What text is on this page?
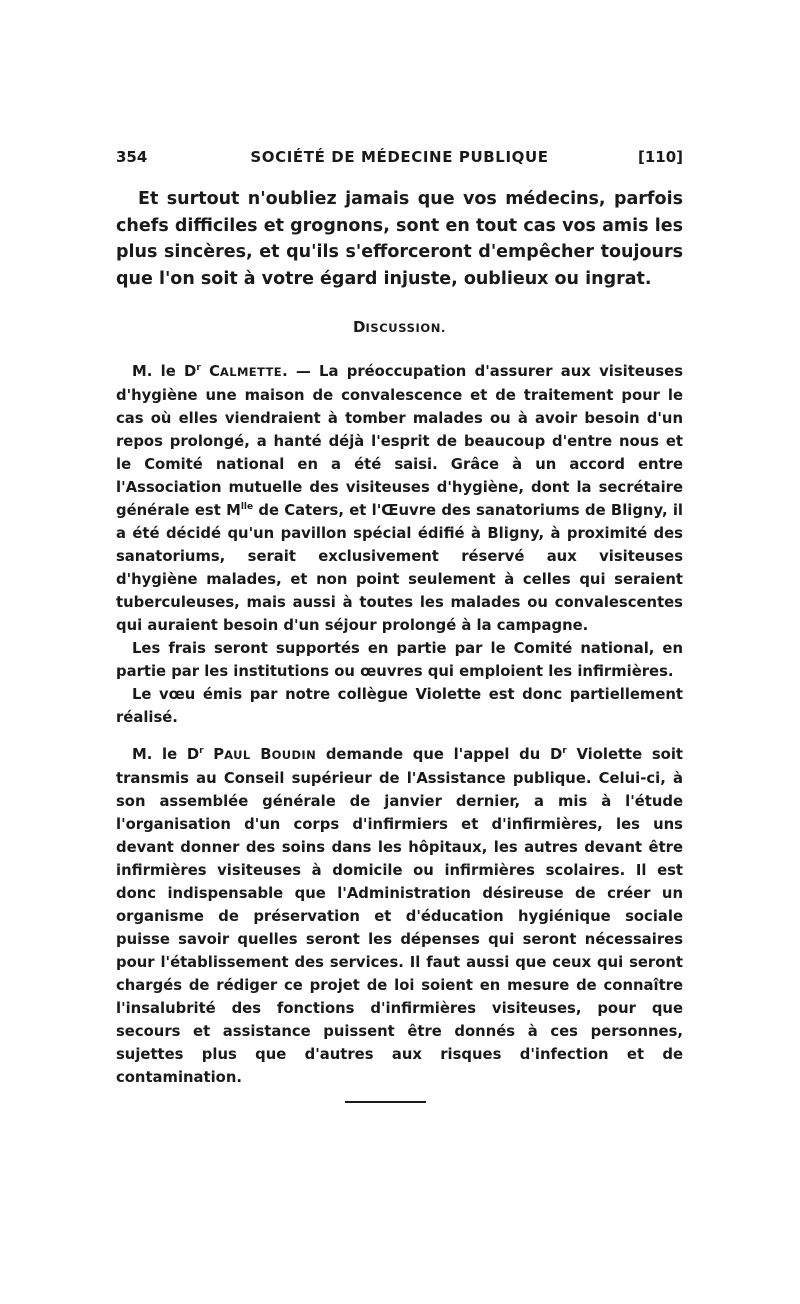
354	SOCIÉTÉ DE MÉDECINE PUBLIQUE	[110]

Et surtout n'oubliez jamais que vos médecins, parfois chefs difficiles et grognons, sont en tout cas vos amis les plus sincères, et qu'ils s'efforceront d'empêcher toujours que l'on soit à votre égard injuste, oublieux ou ingrat.

DISCUSSION.

M. le $D^r$ CALMETTE. — La préoccupation d'assurer aux visiteuses d'hygiène une maison de convalescence et de traitement pour le cas où elles viendraient à tomber malades ou à avoir besoin d'un repos prolongé, a hanté déjà l'esprit de beaucoup d'entre nous et le Comité national en a été saisi. Grâce à un accord entre l'Association mutuelle des visiteuses d'hygiène, dont la secrétaire générale est $M^{lle}$ de Caters, et l'Œuvre des sanatoriums de Bligny, il a été décidé qu'un pavillon spécial édifié à Bligny, à proximité des sanatoriums, serait exclusivement réservé aux visiteuses d'hygiène malades, et non point seulement à celles qui seraient tuberculeuses, mais aussi à toutes les malades ou convalescentes qui auraient besoin d'un séjour prolongé à la campagne.

Les frais seront supportés en partie par le Comité national, en partie par les institutions ou œuvres qui emploient les infirmières.

Le vœu émis par notre collègue Violette est donc partiellement réalisé.

M. le $D^r$ PAUL BOUDIN demande que l'appel du $D^r$ Violette soit transmis au Conseil supérieur de l'Assistance publique. Celui-ci, à son assemblée générale de janvier dernier, a mis à l'étude l'organisation d'un corps d'infirmiers et d'infirmières, les uns devant donner des soins dans les hôpitaux, les autres devant être infirmières visiteuses à domicile ou infirmières scolaires. Il est donc indispensable que l'Administration désireuse de créer un organisme de préservation et d'éducation hygiénique sociale puisse savoir quelles seront les dépenses qui seront nécessaires pour l'établissement des services. Il faut aussi que ceux qui seront chargés de rédiger ce projet de loi soient en mesure de connaître l'insalubrité des fonctions d'infirmières visiteuses, pour que secours et assistance puissent être donnés à ces personnes, sujettes plus que d'autres aux risques d'infection et de contamination.
